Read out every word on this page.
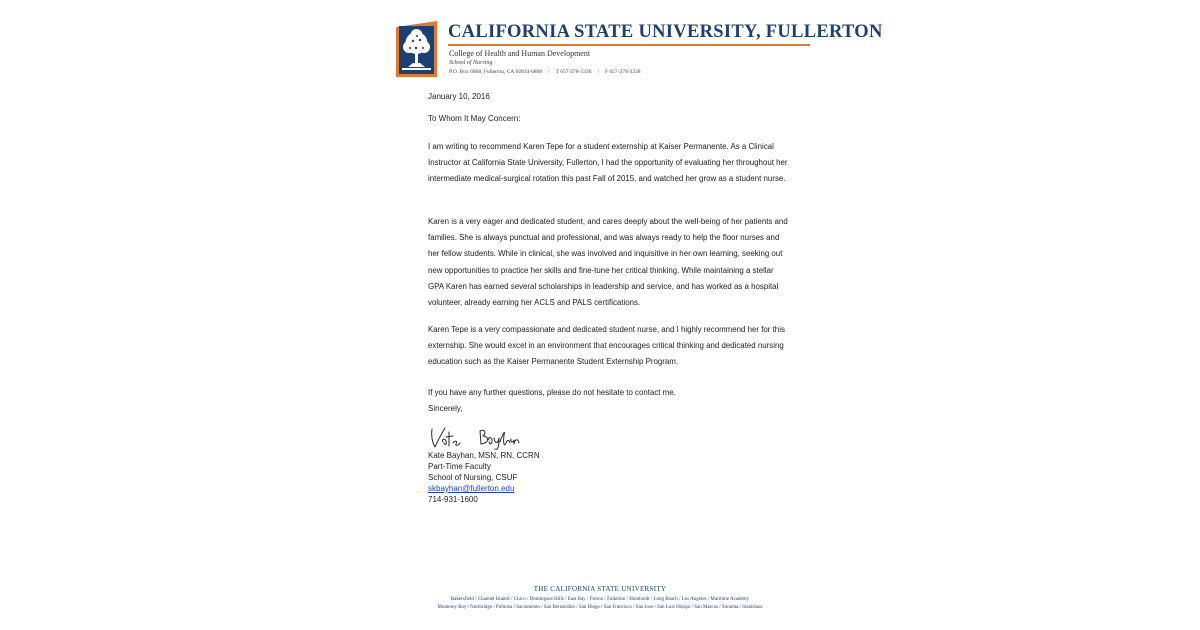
CALIFORNIA STATE UNIVERSITY, FULLERTON
College of Health and Human Development
School of Nursing
P.O. Box 6868, Fullerton, CA 92834-6868 / T 657-278-3336 / F 657-278-3338
January 10, 2016
To Whom It May Concern:

I am writing to recommend Karen Tepe for a student externship at Kaiser Permanente. As a Clinical Instructor at California State University, Fullerton, I had the opportunity of evaluating her throughout her intermediate medical-surgical rotation this past Fall of 2015, and watched her grow as a student nurse.

Karen is a very eager and dedicated student, and cares deeply about the well-being of her patients and families. She is always punctual and professional, and was always ready to help the floor nurses and her fellow students. While in clinical, she was involved and inquisitive in her own learning, seeking out new opportunities to practice her skills and fine-tune her critical thinking. While maintaining a stellar GPA Karen has earned several scholarships in leadership and service, and has worked as a hospital volunteer, already earning her ACLS and PALS certifications.

Karen Tepe is a very compassionate and dedicated student nurse, and I highly recommend her for this externship. She would excel in an environment that encourages critical thinking and dedicated nursing education such as the Kaiser Permanente Student Externship Program.

If you have any further questions, please do not hesitate to contact me.

Sincerely,
Kate Bayhan, MSN, RN, CCRN
Part-Time Faculty
School of Nursing, CSUF
skbayhan@fullerton.edu
714-931-1600
THE CALIFORNIA STATE UNIVERSITY
Bakersfield / Channel Islands / Chico / Dominguez Hills / East Bay / Fresno / Fullerton / Humboldt / Long Beach / Los Angeles / Maritime Academy
Monterey Bay / Northridge / Pomona / Sacramento / San Bernardino / San Diego / San Francisco / San Jose / San Luis Obispo / San Marcos / Sonoma / Stanislaus
